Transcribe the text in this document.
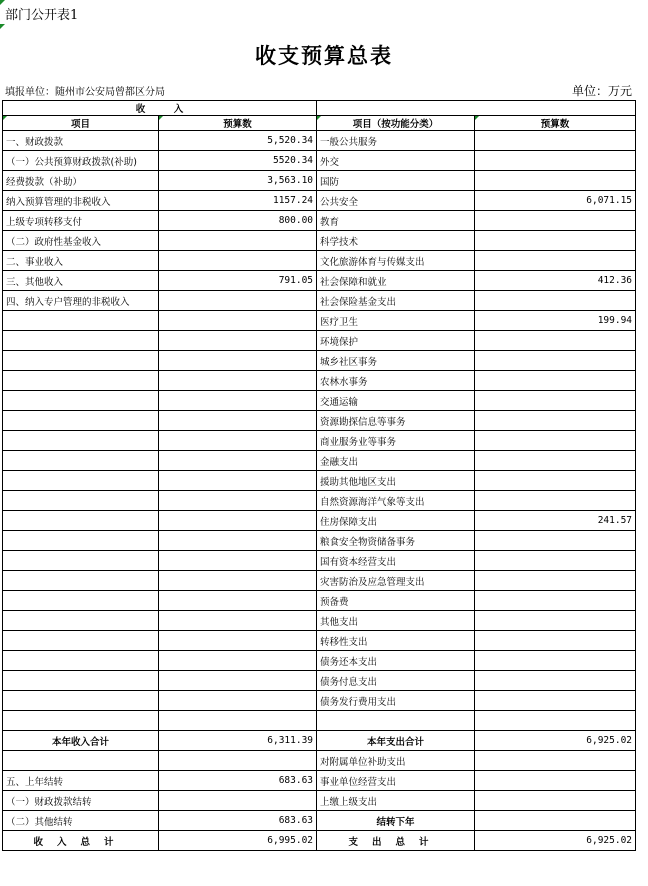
部门公开表1
收支预算总表
填报单位：随州市公安局曾都区分局	单位：万元
收　　　入			

项目	预算数	项目（按功能分类）	预算数
一、财政拨款	5,520.34	一般公共服务	
（一）公共预算财政拨款(补助)	5520.34	外交	
经费拨款（补助）	3,563.10	国防	
纳入预算管理的非税收入	1157.24	公共安全	6,071.15
上级专项转移支付	800.00	教育	
（二）政府性基金收入		科学技术	
二、事业收入		文化旅游体育与传媒支出	
三、其他收入	791.05	社会保障和就业	412.36
四、纳入专户管理的非税收入		社会保险基金支出	
		医疗卫生	199.94
		环境保护	
		城乡社区事务	
		农林水事务	
		交通运输	
		资源勘探信息等事务	
		商业服务业等事务	
		金融支出	
		援助其他地区支出	
		自然资源海洋气象等支出	
		住房保障支出	241.57
		粮食安全物资储备事务	
		国有资本经营支出	
		灾害防治及应急管理支出	
		预备费	
		其他支出	
		转移性支出	
		债务还本支出	
		债务付息支出	
		债务发行费用支出	

本年收入合计	6,311.39	本年支出合计	6,925.02
		对附属单位补助支出	
五、上年结转	683.63	事业单位经营支出	
（一）财政拨款结转		上缴上级支出	
（二）其他结转	683.63	结转下年	
收入总计	6,995.02	支出总计	6,925.02
